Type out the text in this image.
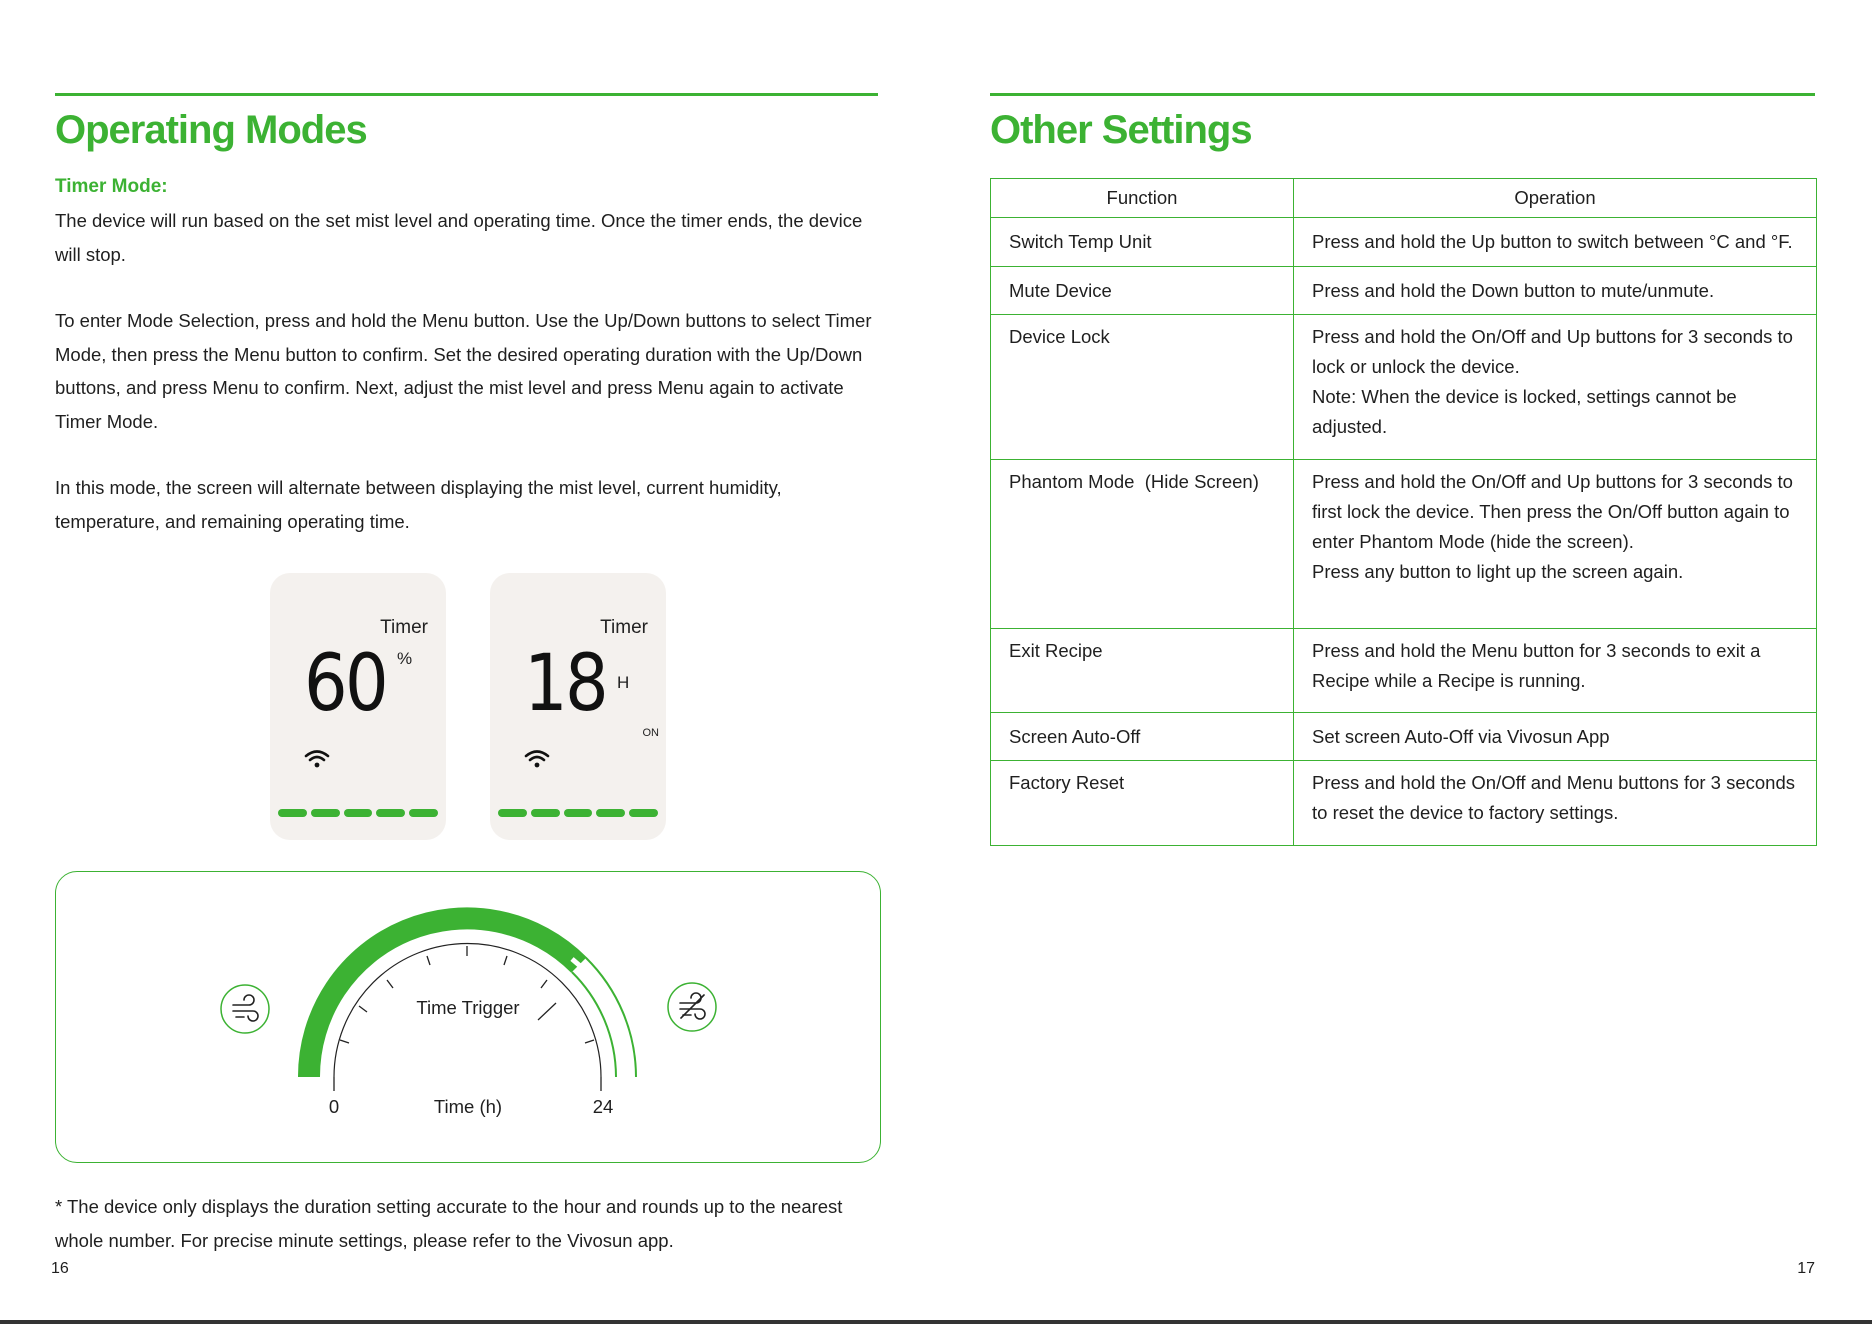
Operating Modes
Timer Mode:

The device will run based on the set mist level and operating time. Once the timer ends, the device will stop.

To enter Mode Selection, press and hold the Menu button. Use the Up/Down buttons to select Timer Mode, then press the Menu button to confirm. Set the desired operating duration with the Up/Down buttons, and press Menu to confirm. Next, adjust the mist level and press Menu again to activate Timer Mode.

In this mode, the screen will alternate between displaying the mist level, current humidity, temperature, and remaining operating time.

Timer
60 %
Timer
18 H
ON
Time Trigger
0	Time (h)	24

* The device only displays the duration setting accurate to the hour and rounds up to the nearest whole number. For precise minute settings, please refer to the Vivosun app.

16
Other Settings
Function	Operation
Switch Temp Unit	Press and hold the Up button to switch between °C and °F.

Mute Device	Press and hold the Down button to mute/unmute.

Device Lock	Press and hold the On/Off and Up buttons for 3 seconds to lock or unlock the device.
Note: When the device is locked, settings cannot be adjusted.

Phantom Mode  (Hide Screen)	Press and hold the On/Off and Up buttons for 3 seconds to first lock the device. Then press the On/Off button again to enter Phantom Mode (hide the screen).
Press any button to light up the screen again.

Exit Recipe	Press and hold the Menu button for 3 seconds to exit a Recipe while a Recipe is running.

Screen Auto-Off	Set screen Auto-Off via Vivosun App

Factory Reset	Press and hold the On/Off and Menu buttons for 3 seconds to reset the device to factory settings.
17
